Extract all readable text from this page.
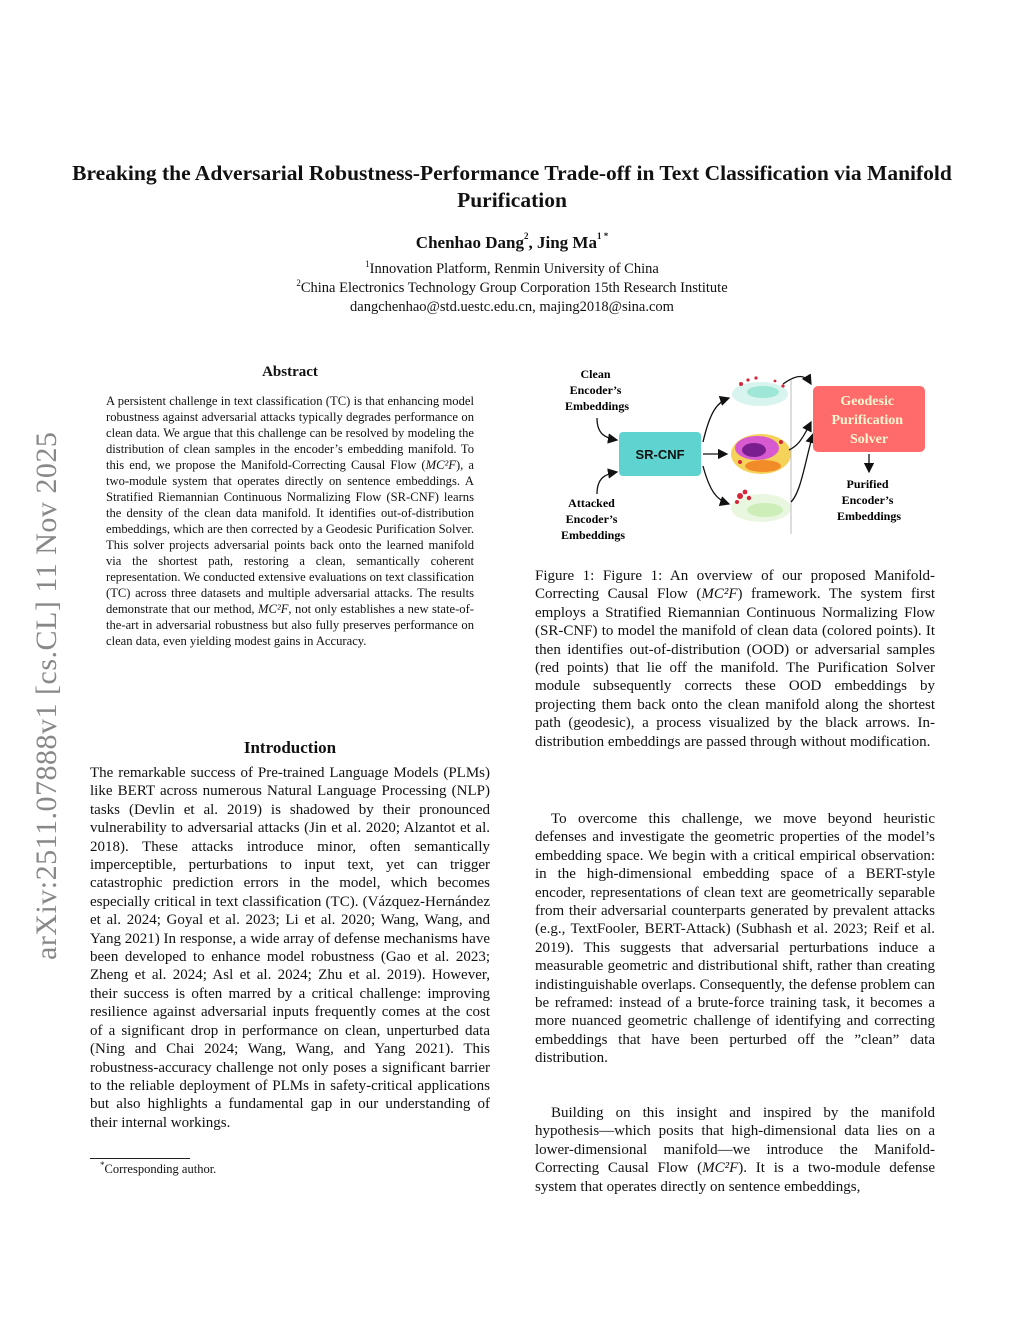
arXiv:2511.07888v1 [cs.CL] 11 Nov 2025
Breaking the Adversarial Robustness-Performance Trade-off in Text Classification via Manifold Purification
Chenhao Dang$^2$, Jing $Ma^{1 *}$
$^1$Innovation Platform, Renmin University of China
$^2$China Electronics Technology Group Corporation 15th Research Institute
dangchenhao@std.uestc.edu.cn, majing2018@sina.com
Abstract
A persistent challenge in text classification (TC) is that enhancing model robustness against adversarial attacks typically degrades performance on clean data. We argue that this challenge can be resolved by modeling the distribution of clean samples in the encoder’s embedding manifold. To this end, we propose the Manifold-Correcting Causal Flow (MC²F), a two-module system that operates directly on sentence embeddings. A Stratified Riemannian Continuous Normalizing Flow (SR-CNF) learns the density of the clean data manifold. It identifies out-of-distribution embeddings, which are then corrected by a Geodesic Purification Solver. This solver projects adversarial points back onto the learned manifold via the shortest path, restoring a clean, semantically coherent representation. We conducted extensive evaluations on text classification (TC) across three datasets and multiple adversarial attacks. The results demonstrate that our method, MC²F, not only establishes a new state-of-the-art in adversarial robustness but also fully preserves performance on clean data, even yielding modest gains in Accuracy.
Introduction
The remarkable success of Pre-trained Language Models (PLMs) like BERT across numerous Natural Language Processing (NLP) tasks (Devlin et al. 2019) is shadowed by their pronounced vulnerability to adversarial attacks (Jin et al. 2020; Alzantot et al. 2018). These attacks introduce minor, often semantically imperceptible, perturbations to input text, yet can trigger catastrophic prediction errors in the model, which becomes especially critical in text classification (TC). (Vázquez-Hernández et al. 2024; Goyal et al. 2023; Li et al. 2020; Wang, Wang, and Yang 2021) In response, a wide array of defense mechanisms have been developed to enhance model robustness (Gao et al. 2023; Zheng et al. 2024; Asl et al. 2024; Zhu et al. 2019). However, their success is often marred by a critical challenge: improving resilience against adversarial inputs frequently comes at the cost of a significant drop in performance on clean, unperturbed data (Ning and Chai 2024; Wang, Wang, and Yang 2021). This robustness-accuracy challenge not only poses a significant barrier to the reliable deployment of PLMs in safety-critical applications but also highlights a fundamental gap in our understanding of their internal workings.
*Corresponding author.
Clean Encoder’s Embeddings
Attacked Encoder’s Embeddings
SR-CNF
Geodesic Purification Solver
Purified Encoder’s Embeddings
Figure 1: Figure 1: An overview of our proposed Manifold-Correcting Causal Flow (MC²F) framework. The system first employs a Stratified Riemannian Continuous Normalizing Flow (SR-CNF) to model the manifold of clean data (colored points). It then identifies out-of-distribution (OOD) or adversarial samples (red points) that lie off the manifold. The Purification Solver module subsequently corrects these OOD embeddings by projecting them back onto the clean manifold along the shortest path (geodesic), a process visualized by the black arrows. In-distribution embeddings are passed through without modification.
To overcome this challenge, we move beyond heuristic defenses and investigate the geometric properties of the model’s embedding space. We begin with a critical empirical observation: in the high-dimensional embedding space of a BERT-style encoder, representations of clean text are geometrically separable from their adversarial counterparts generated by prevalent attacks (e.g., TextFooler, BERT-Attack) (Subhash et al. 2023; Reif et al. 2019). This suggests that adversarial perturbations induce a measurable geometric and distributional shift, rather than creating indistinguishable overlaps. Consequently, the defense problem can be reframed: instead of a brute-force training task, it becomes a more nuanced geometric challenge of identifying and correcting embeddings that have been perturbed off the ”clean” data distribution.
Building on this insight and inspired by the manifold hypothesis—which posits that high-dimensional data lies on a lower-dimensional manifold—we introduce the Manifold-Correcting Causal Flow (MC²F). It is a two-module defense system that operates directly on sentence embeddings,
